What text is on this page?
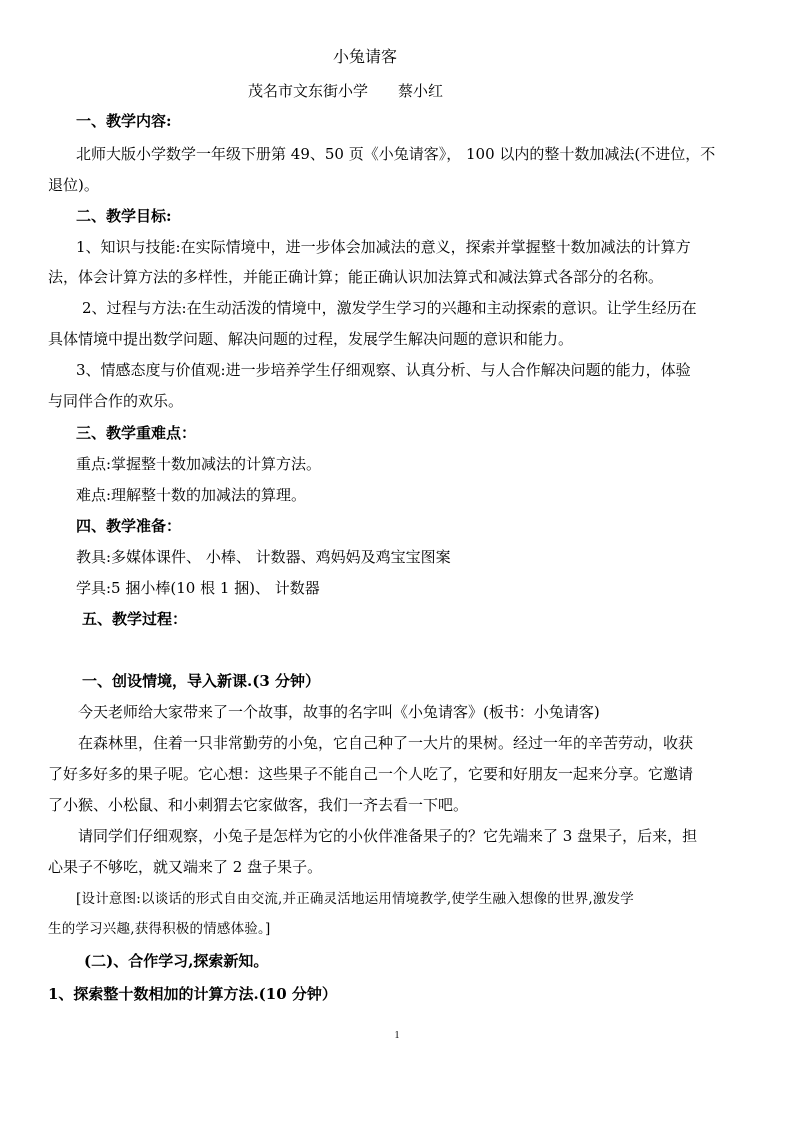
小兔请客
茂名市文东街小学　　蔡小红
一、教学内容:
北师大版小学数学一年级下册第 49、50 页《小兔请客》， 100 以内的整十数加减法(不进位，不
退位)。
二、教学目标:
1、知识与技能:在实际情境中，进一步体会加减法的意义，探索并掌握整十数加减法的计算方
法，体会计算方法的多样性，并能正确计算；能正确认识加法算式和减法算式各部分的名称。
2、过程与方法:在生动活泼的情境中，激发学生学习的兴趣和主动探索的意识。让学生经历在
具体情境中提出数学问题、解决问题的过程，发展学生解决问题的意识和能力。
3、情感态度与价值观:进一步培养学生仔细观察、认真分析、与人合作解决问题的能力，体验
与同伴合作的欢乐。
三、教学重难点：
重点:掌握整十数加减法的计算方法。
难点:理解整十数的加减法的算理。
四、教学准备：
教具:多媒体课件、 小棒、 计数器、鸡妈妈及鸡宝宝图案
学具:5 捆小棒(10 根 1 捆)、 计数器
五、教学过程：
一、创设情境，导入新课.(3 分钟）
今天老师给大家带来了一个故事，故事的名字叫《小兔请客》(板书：小兔请客)
在森林里，住着一只非常勤劳的小兔，它自己种了一大片的果树。经过一年的辛苦劳动，收获
了好多好多的果子呢。它心想：这些果子不能自己一个人吃了，它要和好朋友一起来分享。它邀请
了小猴、小松鼠、和小刺猬去它家做客，我们一齐去看一下吧。
请同学们仔细观察，小兔子是怎样为它的小伙伴准备果子的？它先端来了 3 盘果子，后来，担
心果子不够吃，就又端来了 2 盘子果子。
[设计意图:以谈话的形式自由交流,并正确灵活地运用情境教学,使学生融入想像的世界,激发学
生的学习兴趣,获得积极的情感体验。]
(二)、合作学习,探索新知。
1、探索整十数相加的计算方法.(10 分钟）
1
